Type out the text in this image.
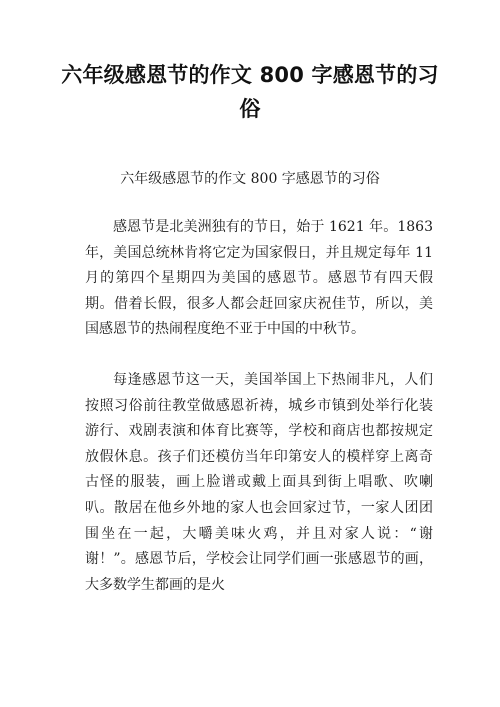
六年级感恩节的作文 800 字感恩节的习俗

六年级感恩节的作文 800 字感恩节的习俗

感恩节是北美洲独有的节日，始于 1621 年。1863 年，美国总统林肯将它定为国家假日，并且规定每年 11 月的第四个星期四为美国的感恩节。感恩节有四天假期。借着长假，很多人都会赶回家庆祝佳节，所以，美国感恩节的热闹程度绝不亚于中国的中秋节。

每逢感恩节这一天，美国举国上下热闹非凡，人们按照习俗前往教堂做感恩祈祷，城乡市镇到处举行化装游行、戏剧表演和体育比赛等，学校和商店也都按规定放假休息。孩子们还模仿当年印第安人的模样穿上离奇古怪的服装，画上脸谱或戴上面具到街上唱歌、吹喇叭。散居在他乡外地的家人也会回家过节，一家人团团围坐在一起，大嚼美味火鸡，并且对家人说：“谢谢！”。感恩节后，学校会让同学们画一张感恩节的画，大多数学生都画的是火
